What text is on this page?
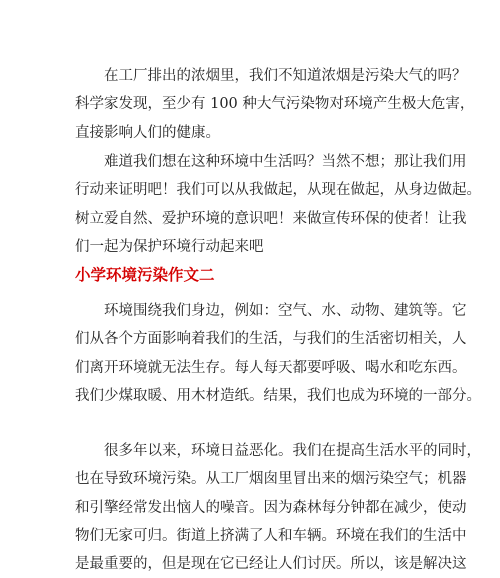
在工厂排出的浓烟里，我们不知道浓烟是污染大气的吗？
科学家发现，至少有 100 种大气污染物对环境产生极大危害，
直接影响人们的健康。
难道我们想在这种环境中生活吗？当然不想；那让我们用
行动来证明吧！我们可以从我做起，从现在做起，从身边做起。
树立爱自然、爱护环境的意识吧！来做宣传环保的使者！让我
们一起为保护环境行动起来吧
小学环境污染作文二
环境围绕我们身边，例如：空气、水、动物、建筑等。它
们从各个方面影响着我们的生活，与我们的生活密切相关，人
们离开环境就无法生存。每人每天都要呼吸、喝水和吃东西。
我们少煤取暖、用木材造纸。结果，我们也成为环境的一部分。
很多年以来，环境日益恶化。我们在提高生活水平的同时，
也在导致环境污染。从工厂烟囱里冒出来的烟污染空气；机器
和引擎经常发出恼人的噪音。因为森林每分钟都在减少，使动
物们无家可归。街道上挤满了人和车辆。环境在我们的生活中
是最重要的，但是现在它已经让人们讨厌。所以，该是解决这
